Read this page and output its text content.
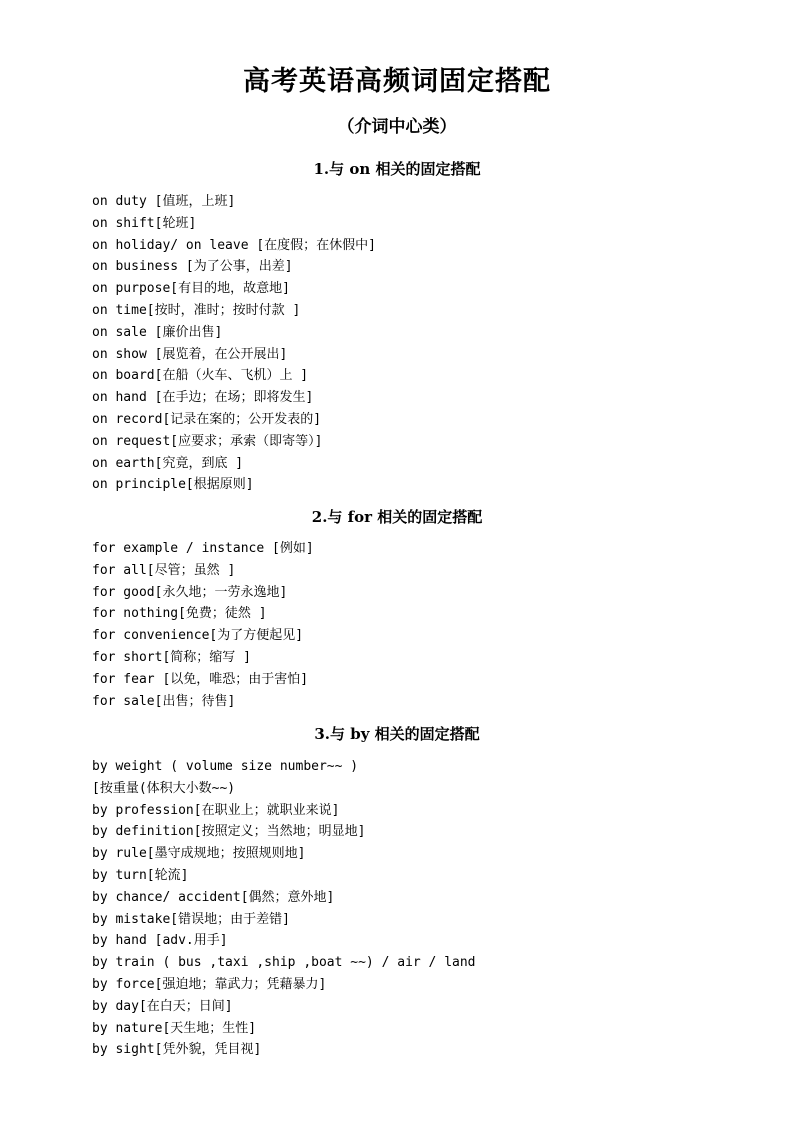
高考英语高频词固定搭配
（介词中心类）
1.与 on 相关的固定搭配
on duty [值班，上班]
on shift[轮班]
on holiday/ on leave [在度假；在休假中]
on business [为了公事，出差]
on purpose[有目的地，故意地]
on time[按时，准时；按时付款 ]
on sale [廉价出售]
on show [展览着，在公开展出]
on board[在船（火车、飞机）上 ]
on hand [在手边；在场；即将发生]
on record[记录在案的；公开发表的]
on request[应要求；承索（即寄等）]
on earth[究竟，到底 ]
on principle[根据原则]
2.与 for 相关的固定搭配
for example / instance [例如]
for all[尽管；虽然 ]
for good[永久地；一劳永逸地]
for nothing[免费；徒然 ]
for convenience[为了方便起见]
for short[简称；缩写 ]
for fear [以免，唯恐；由于害怕]
for sale[出售；待售]
3.与 by 相关的固定搭配
by weight ( volume size number~~ )
[按重量(体积大小数~~)
by profession[在职业上；就职业来说]
by definition[按照定义；当然地；明显地]
by rule[墨守成规地；按照规则地]
by turn[轮流]
by chance/ accident[偶然；意外地]
by mistake[错误地；由于差错]
by hand [adv.用手]
by train ( bus ,taxi ,ship ,boat ~~) / air / land
by force[强迫地；靠武力；凭藉暴力]
by day[在白天；日间]
by nature[天生地；生性]
by sight[凭外貌，凭目视]
